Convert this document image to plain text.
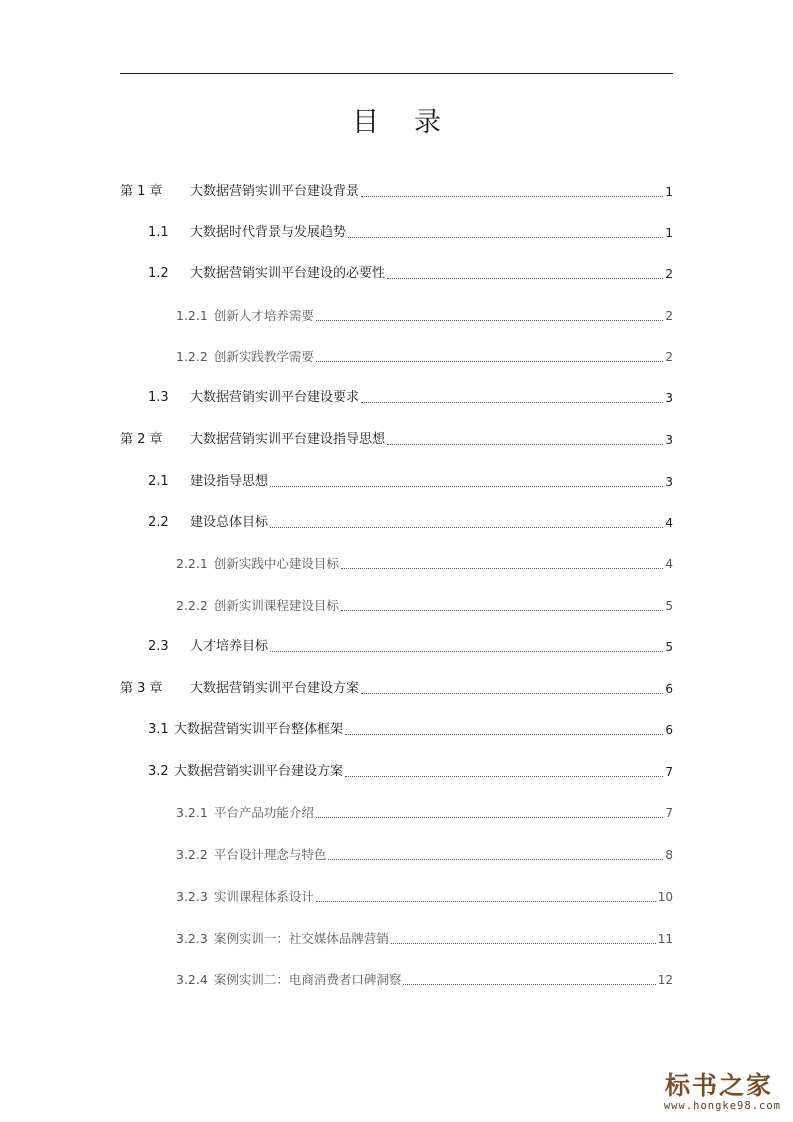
目 录
第 1 章	大数据营销实训平台建设背景	1
1.1	大数据时代背景与发展趋势	1
1.2	大数据营销实训平台建设的必要性	2
1.2.1 创新人才培养需要	2
1.2.2 创新实践教学需要	2
1.3	大数据营销实训平台建设要求	3
第 2 章	大数据营销实训平台建设指导思想	3
2.1	建设指导思想	3
2.2	建设总体目标	4
2.2.1 创新实践中心建设目标	4
2.2.2 创新实训课程建设目标	5
2.3	人才培养目标	5
第 3 章	大数据营销实训平台建设方案	6
3.1 大数据营销实训平台整体框架	6
3.2 大数据营销实训平台建设方案	7
3.2.1 平台产品功能介绍	7
3.2.2 平台设计理念与特色	8
3.2.3 实训课程体系设计	10
3.2.3 案例实训一：社交媒体品牌营销	11
3.2.4 案例实训二：电商消费者口碑洞察	12
标书之家
www.hongke98.com
